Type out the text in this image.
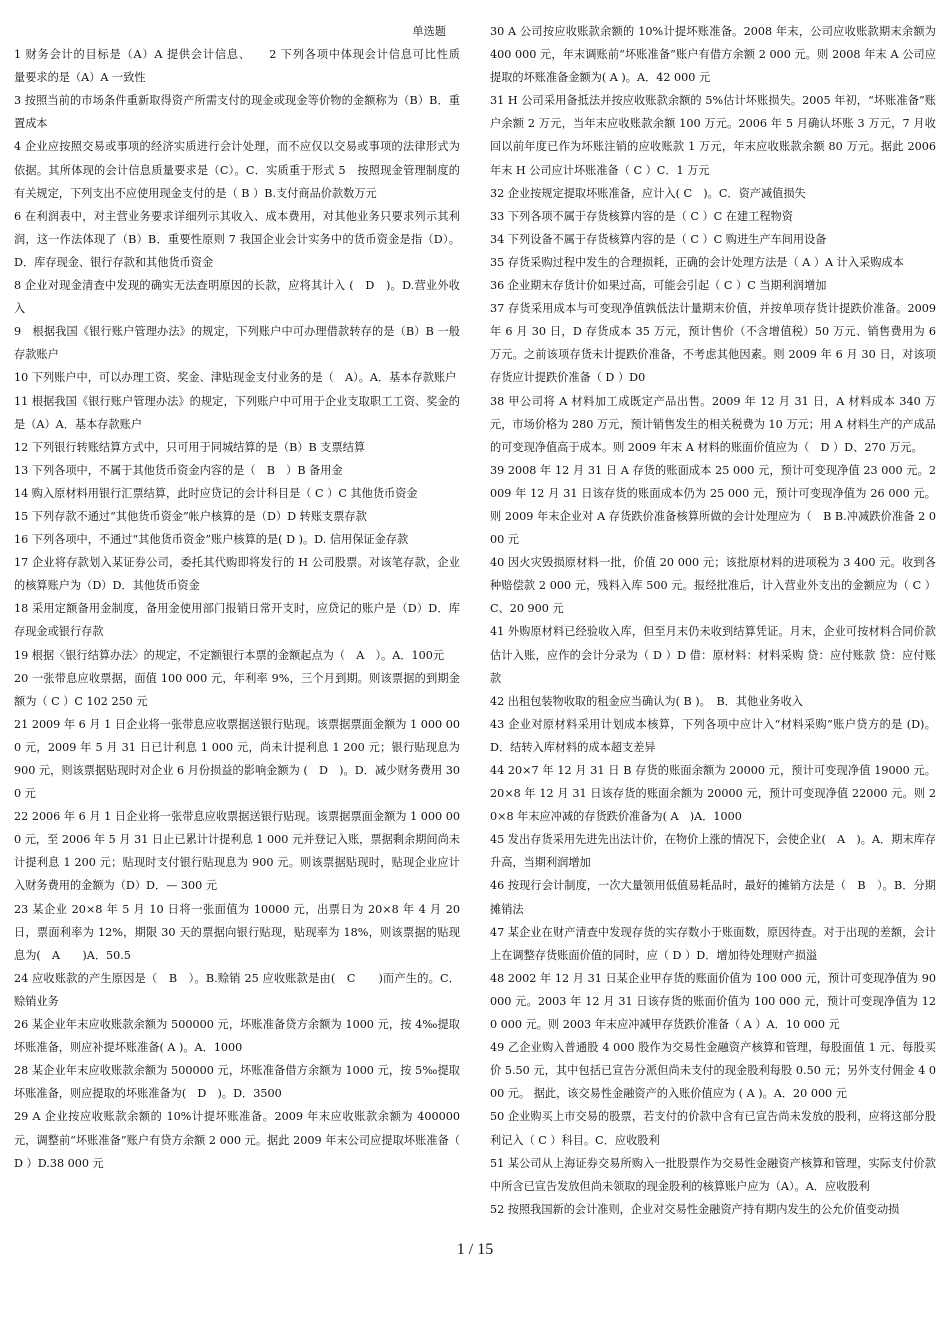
单选题

1 财务会计的目标是（A）A 提供会计信息、　　2 下列各项中体现会计信息可比性质　　量要求的是（A）A 一致性

3 按照当前的市场条件重新取得资产所需支付的现金或现金等价物的金额称为（B）B．重置成本

4 企业应按照交易或事项的经济实质进行会计处理，而不应仅以交易或事项的法律形式为依据。其所体现的会计信息质量要求是（C）。C．实质重于形式 5　按照现金管理制度的有关规定，下列支出不应使用现金支付的是（ B ）B.支付商品价款数万元

6 在利润表中，对主营业务要求详细列示其收入、成本费用，对其他业务只要求列示其利润，这一作法体现了（B）B．重要性原则 7 我国企业会计实务中的货币资金是指（D）。D．库存现金、银行存款和其他货币资金

8 企业对现金清查中发现的确实无法查明原因的长款，应将其计入 (　D　)。D.营业外收入

9　根据我国《银行账户管理办法》的规定，下列账户中可办理借款转存的是（B）B 一般存款账户

10 下列账户中，可以办理工资、奖金、津贴现金支付业务的是（　A）。A．基本存款账户

11 根据我国《银行账户管理办法》的规定，下列账户中可用于企业支取职工工资、奖金的是（A）A．基本存款账户

12 下列银行转账结算方式中，只可用于同城结算的是（B）B 支票结算

13 下列各项中，不属于其他货币资金内容的是（　B　）B 备用金

14 购入原材料用银行汇票结算，此时应贷记的会计科目是（ C ）C 其他货币资金

15 下列存款不通过“其他货币资金”帐户核算的是（D）D 转账支票存款

16 下列各项中，不通过“其他货币资金”账户核算的是( D )。D. 信用保证金存款

17 企业将存款划入某证券公司，委托其代购即将发行的 H 公司股票。对该笔存款，企业的核算账户为（D）D．其他货币资金

18 采用定额备用金制度，备用金使用部门报销日常开支时，应贷记的账户是（D）D．库存现金或银行存款

19 根据〈银行结算办法〉的规定，不定额银行本票的金额起点为（　A　）。A．100元

20 一张带息应收票据，面值 100 000 元，年利率 9%，三个月到期。则该票据的到期金额为（ C ）C 102 250 元

21 2009 年 6 月 1 日企业将一张带息应收票据送银行贴现。该票据票面金额为 1 000 000 元，2009 年 5 月 31 日已计利息 1 000 元，尚未计提利息 1 200 元；银行贴现息为 900 元，则该票据贴现时对企业 6 月份损益的影响金额为 (　D　)。D．减少财务费用 300 元

22 2006 年 6 月 1 日企业将一张带息应收票据送银行贴现。该票据票面金额为 1 000 000 元，至 2006 年 5 月 31 日止已累计计提利息 1 000 元并登记入账，票据剩余期间尚未计提利息 1 200 元；贴现时支付银行贴现息为 900 元。则该票据贴现时，贴现企业应计入财务费用的金额为（D）D．— 300 元

23 某企业 20×8 年 5 月 10 日将一张面值为 10000 元，出票日为 20×8 年 4 月 20 日，票面利率为 12%，期限 30 天的票据向银行贴现，贴现率为 18%，则该票据的贴现息为(　A　　)A．50.5

24 应收账款的产生原因是（　B　）。B.赊销 25 应收账款是由(　C　　)而产生的。C．赊销业务

26 某企业年末应收账款余额为 500000 元，坏账准备贷方余额为 1000 元，按 4‰提取坏账准备，则应补提坏账准备( A )。A．1000

28 某企业年末应收账款余额为 500000 元，坏账准备借方余额为 1000 元，按 5‰提取坏账准备，则应提取的坏账准备为(　D　)。D．3500

29 A 企业按应收账款余额的 10%计提坏账准备。2009 年末应收账款余额为 400000 元，调整前“坏账准备”账户有贷方余额 2 000 元。据此 2009 年末公司应提取坏账准备（　D ）D.38 000 元

30 A 公司按应收账款余额的 10%计提坏账准备。2008 年末，公司应收账款期末余额为 400 000 元，年末调账前“坏账准备”账户有借方余额 2 000 元。则 2008 年末 A 公司应提取的坏账准备金额为( A )。A．42 000 元

31 H 公司采用备抵法并按应收账款余额的 5%估计坏账损失。2005 年初，“坏账准备”账户余额 2 万元，当年末应收账款余额 100 万元。2006 年 5 月确认坏账 3 万元，7 月收回以前年度已作为坏账注销的应收账款 1 万元，年末应收账款余额 80 万元。据此 2006 年末 H 公司应计坏账准备（ C ）C．1 万元

32 企业按规定提取坏账准备，应计入( C　)。C．资产减值损失

33 下列各项不属于存货核算内容的是（ C ）C 在建工程物资

34 下列设备不属于存货核算内容的是（ C ）C 购进生产车间用设备

35 存货采购过程中发生的合理损耗，正确的会计处理方法是（ A ）A 计入采购成本

36 企业期末存货计价如果过高，可能会引起（ C ）C 当期利润增加

37 存货采用成本与可变现净值孰低法计量期末价值，并按单项存货计提跌价准备。2009 年 6 月 30 日，D 存货成本 35 万元，预计售价（不含增值税）50 万元、销售费用为 6 万元。之前该项存货未计提跌价准备，不考虑其他因素。则 2009 年 6 月 30 日，对该项存货应计提跌价准备（ D ）D0

38 甲公司将 A 材料加工成既定产品出售。2009 年 12 月 31 日，A 材料成本 340 万元，市场价格为 280 万元，预计销售发生的相关税费为 10 万元；用 A 材料生产的产成品的可变现净值高于成本。则 2009 年末 A 材料的账面价值应为（　D ）D、270 万元。

39 2008 年 12 月 31 日 A 存货的账面成本 25 000 元，预计可变现净值 23 000 元。2009 年 12 月 31 日该存货的账面成本仍为 25 000 元，预计可变现净值为 26 000 元。则 2009 年末企业对 A 存货跌价准备核算所做的会计处理应为（　B B.冲减跌价准备 2 000 元

40 因火灾毁损原材料一批，价值 20 000 元；该批原材料的进项税为 3 400 元。收到各种赔偿款 2 000 元，残料入库 500 元。报经批准后，计入营业外支出的金额应为（ C ）C、20 900 元

41 外购原材料已经验收入库，但至月末仍未收到结算凭证。月末，企业可按材料合同价款估计入账，应作的会计分录为（ D ）D 借：原材料：材料采购 贷：应付账款 贷：应付账款

42 出租包装物收取的租金应当确认为( B )。　B．其他业务收入

43 企业对原材料采用计划成本核算，下列各项中应计入“材料采购”账户贷方的是 (D)。D．结转入库材料的成本超支差异

44 20×7 年 12 月 31 日 B 存货的账面余额为 20000 元，预计可变现净值 19000 元。20×8 年 12 月 31 日该存货的账面余额为 20000 元，预计可变现净值 22000 元。则 20×8 年末应冲减的存货跌价准备为( A　)A．1000

45 发出存货采用先进先出法计价，在物价上涨的情况下，会使企业(　A　)。A．期末库存升高，当期利润增加

46 按现行会计制度，一次大量领用低值易耗品时，最好的摊销方法是（　B　）。B．分期摊销法

47 某企业在财产清查中发现存货的实存数小于账面数，原因待查。对于出现的差额，会计上在调整存货账面价值的同时，应（ D ）D．增加待处理财产损溢

48 2002 年 12 月 31 日某企业甲存货的账面价值为 100 000 元，预计可变现净值为 90 000 元。2003 年 12 月 31 日该存货的账面价值为 100 000 元，预计可变现净值为 120 000 元。则 2003 年末应冲减甲存货跌价准备（ A ）A．10 000 元

49 乙企业购入普通股 4 000 股作为交易性金融资产核算和管理，每股面值 1 元、每股买价 5.50 元，其中包括已宣告分派但尚未支付的现金股利每股 0.50 元；另外支付佣金 4 000 元。 据此，该交易性金融资产的入账价值应为 ( A )。A．20 000 元

50 企业购买上市交易的股票，若支付的价款中含有已宣告尚未发放的股利，应将这部分股利记入（ C ）科目。C．应收股利

51 某公司从上海证券交易所购入一批股票作为交易性金融资产核算和管理，实际支付价款中所含已宣告发放但尚未领取的现金股利的核算账户应为（A）。A．应收股利

52 按照我国新的会计准则，企业对交易性金融资产持有期内发生的公允价值变动损

1 / 15
